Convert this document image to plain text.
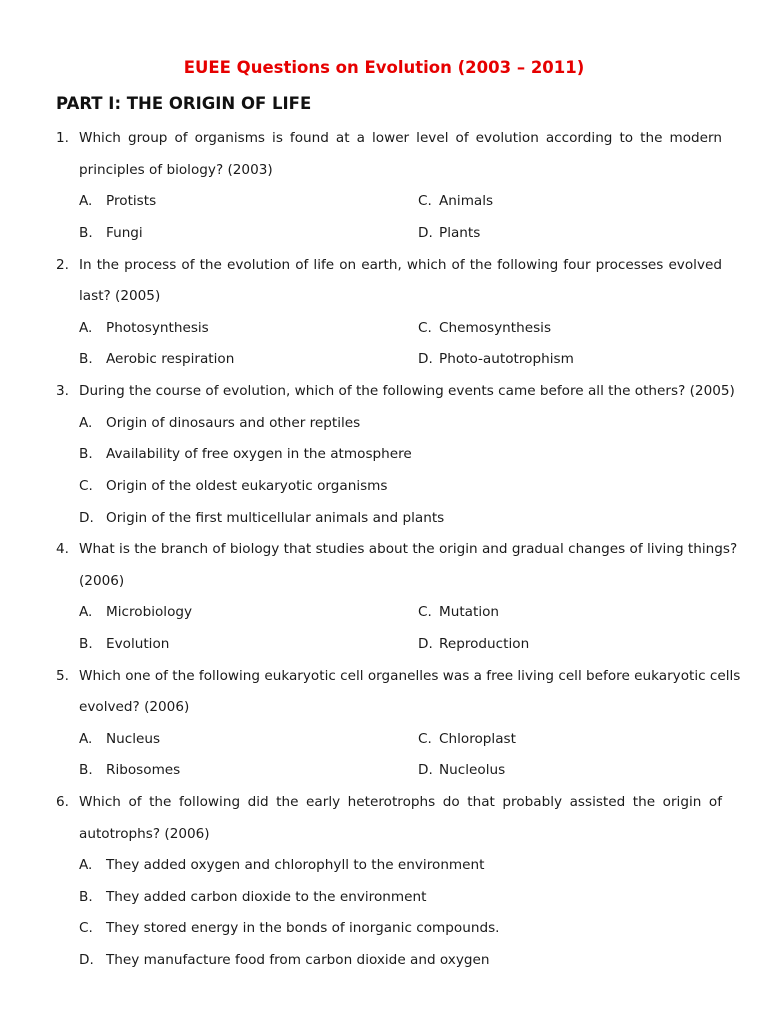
EUEE Questions on Evolution (2003 – 2011)
PART I: THE ORIGIN OF LIFE
1. Which group of organisms is found at a lower level of evolution according to the modern
principles of biology? (2003)
A. Protists	C. Animals
B. Fungi	D. Plants
2. In the process of the evolution of life on earth, which of the following four processes evolved
last? (2005)
A. Photosynthesis	C. Chemosynthesis
B. Aerobic respiration	D. Photo-autotrophism
3. During the course of evolution, which of the following events came before all the others? (2005)
A. Origin of dinosaurs and other reptiles
B. Availability of free oxygen in the atmosphere
C. Origin of the oldest eukaryotic organisms
D. Origin of the first multicellular animals and plants
4. What is the branch of biology that studies about the origin and gradual changes of living things?
(2006)
A. Microbiology	C. Mutation
B. Evolution	D. Reproduction
5. Which one of the following eukaryotic cell organelles was a free living cell before eukaryotic cells
evolved? (2006)
A. Nucleus	C. Chloroplast
B. Ribosomes	D. Nucleolus
6. Which of the following did the early heterotrophs do that probably assisted the origin of
autotrophs? (2006)
A. They added oxygen and chlorophyll to the environment
B. They added carbon dioxide to the environment
C. They stored energy in the bonds of inorganic compounds.
D. They manufacture food from carbon dioxide and oxygen
